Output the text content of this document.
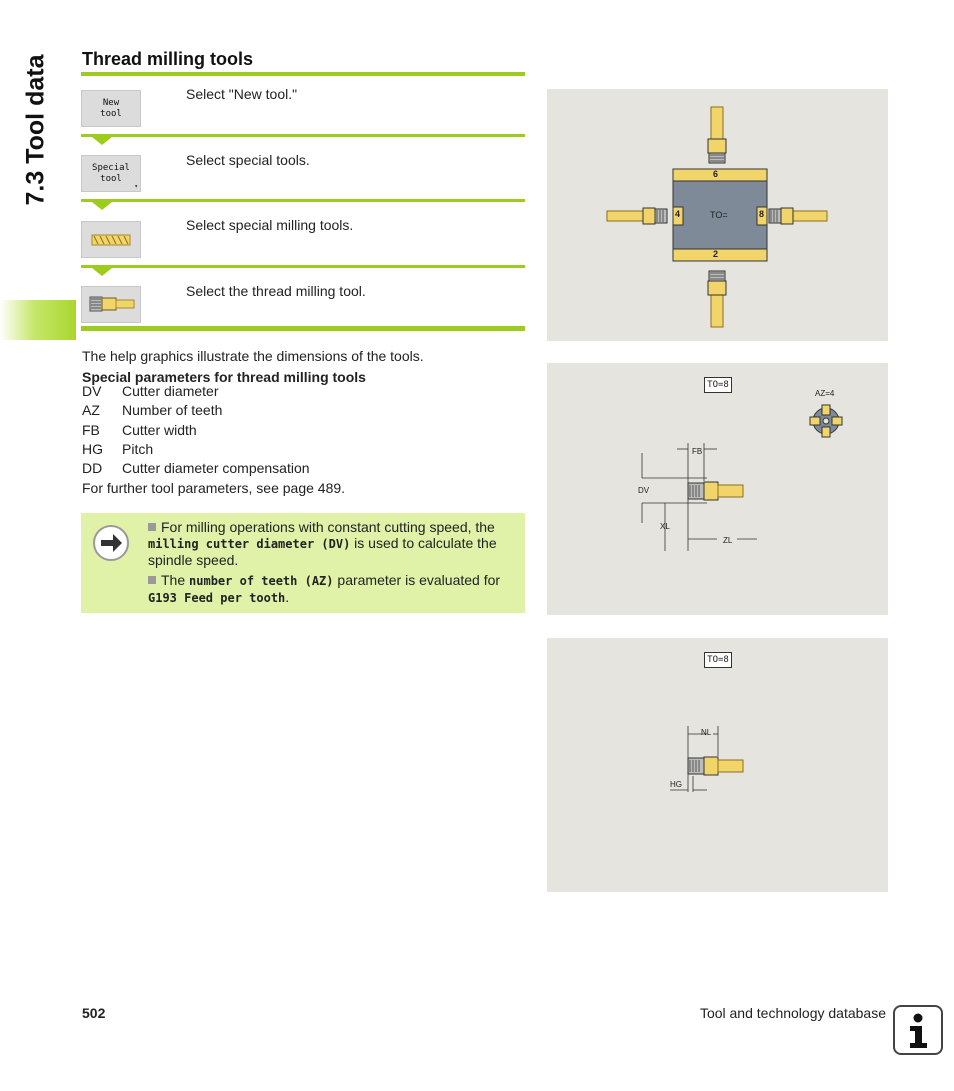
7.3 Tool data Thread milling tools
New
tool
Select "New tool."
Special
tool
▾
Select special tools.
Select special milling tools.
Select the thread milling tool.
The help graphics illustrate the dimensions of the tools.
Special parameters for thread milling tools
DV Cutter diameter
AZ Number of teeth
FB Cutter width
HG Pitch
DD Cutter diameter compensation
For further tool parameters, see page 489.
For milling operations with constant cutting speed, the
milling cutter diameter (DV) is used to calculate the
spindle speed.
The number of teeth (AZ) parameter is evaluated for
G193 Feed per tooth.
6
4	8
2
TO=
TO=8
AZ=4
FB
DV
XL
ZL
TO=8
NL
HG
502	Tool and technology database
